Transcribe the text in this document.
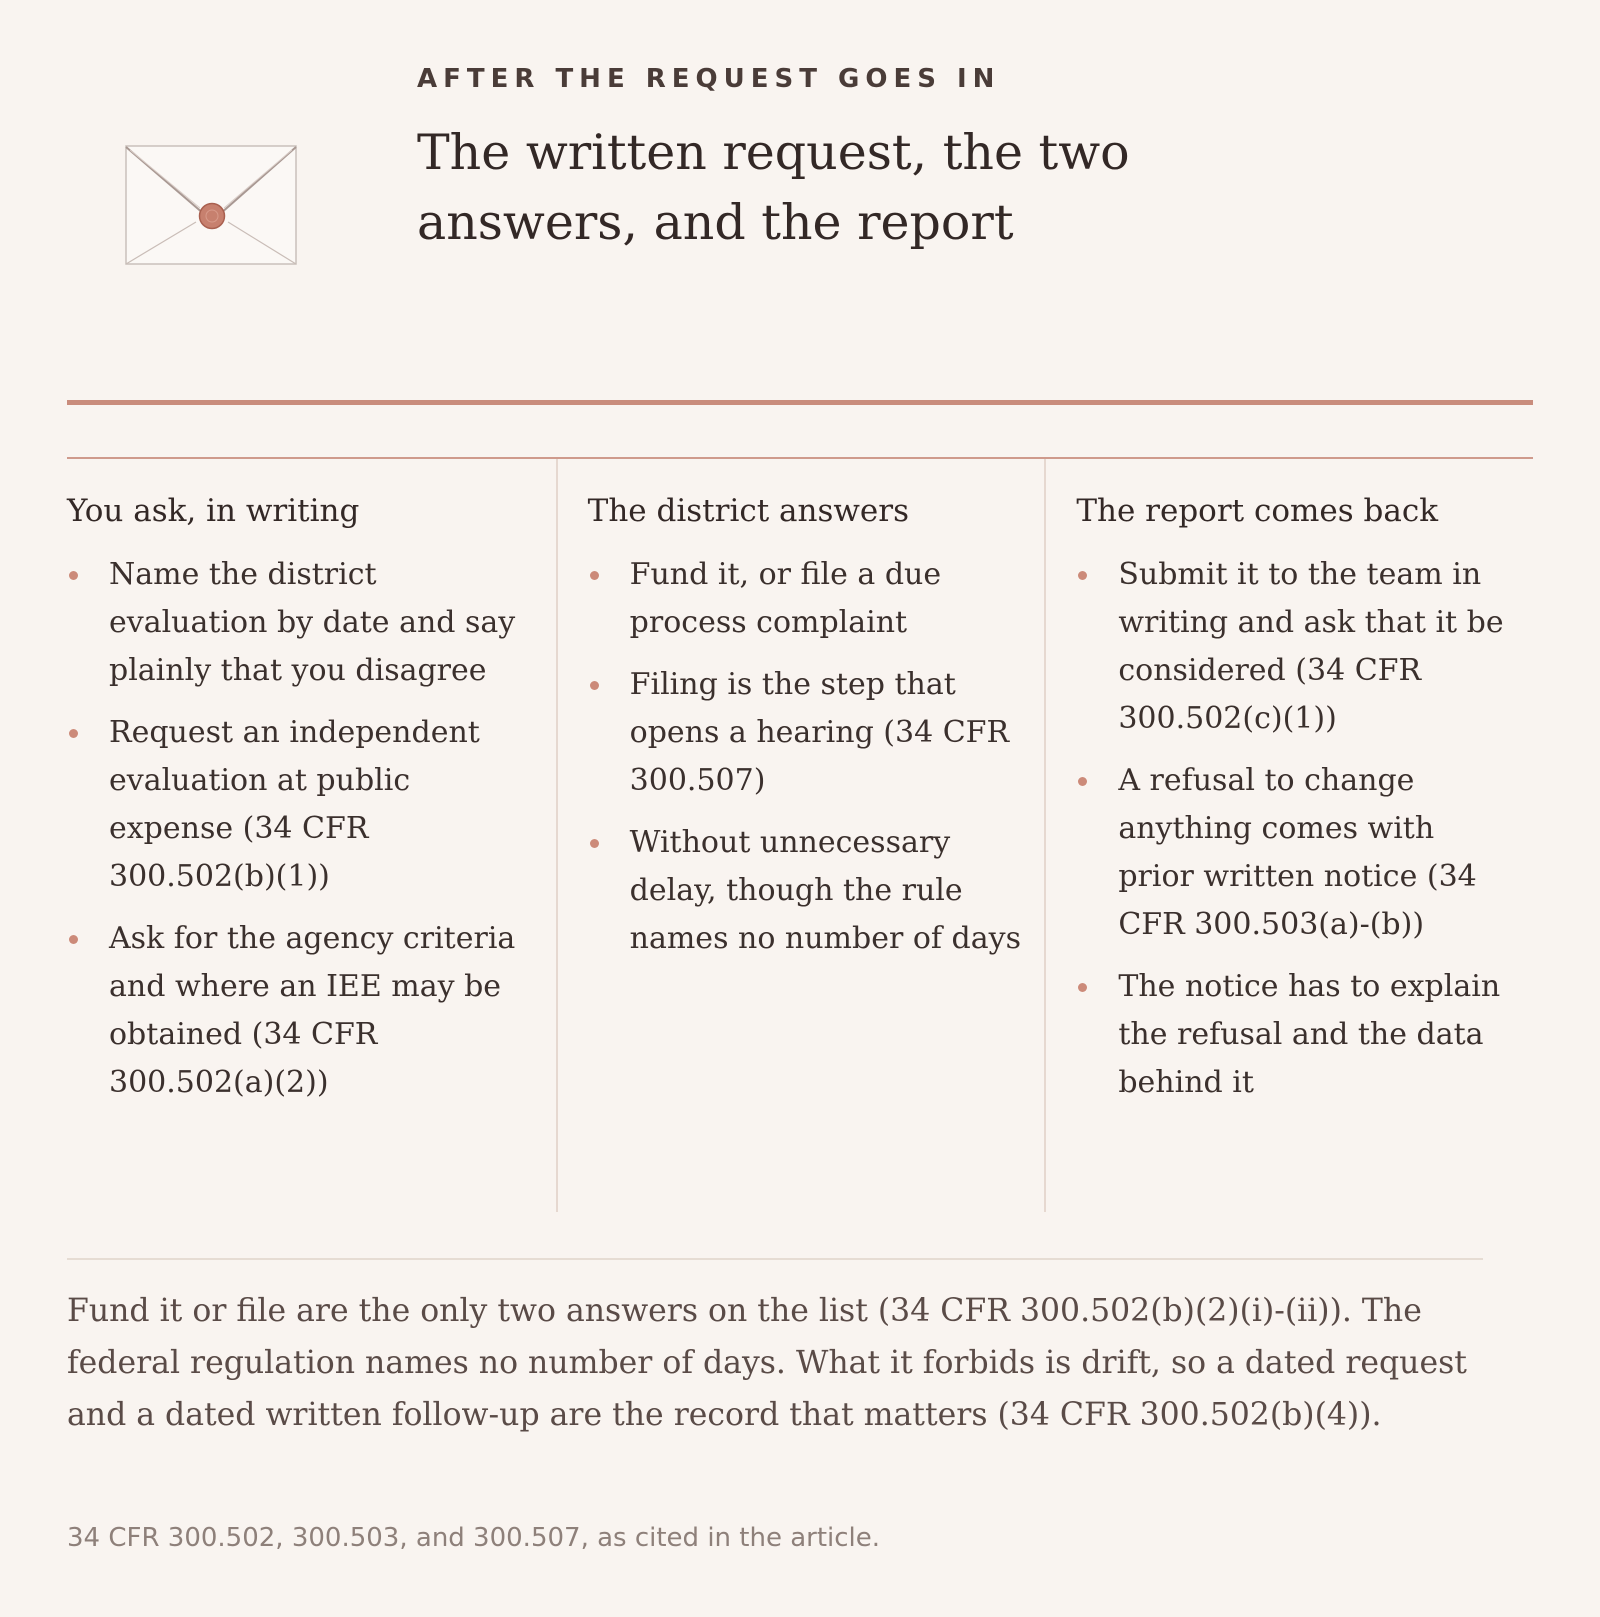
AFTER THE REQUEST GOES IN
The written request, the two answers, and the report
You ask, in writing
Name the district evaluation by date and say plainly that you disagree
Request an independent evaluation at public expense (34 CFR 300.502(b)(1))
Ask for the agency criteria and where an IEE may be obtained (34 CFR 300.502(a)(2))
The district answers
Fund it, or file a due process complaint
Filing is the step that opens a hearing (34 CFR 300.507)
Without unnecessary delay, though the rule names no number of days
The report comes back
Submit it to the team in writing and ask that it be considered (34 CFR 300.502(c)(1))
A refusal to change anything comes with prior written notice (34 CFR 300.503(a)-(b))
The notice has to explain the refusal and the data behind it

Fund it or file are the only two answers on the list (34 CFR 300.502(b)(2)(i)-(ii)). The federal regulation names no number of days. What it forbids is drift, so a dated request and a dated written follow-up are the record that matters (34 CFR 300.502(b)(4)).

34 CFR 300.502, 300.503, and 300.507, as cited in the article.
